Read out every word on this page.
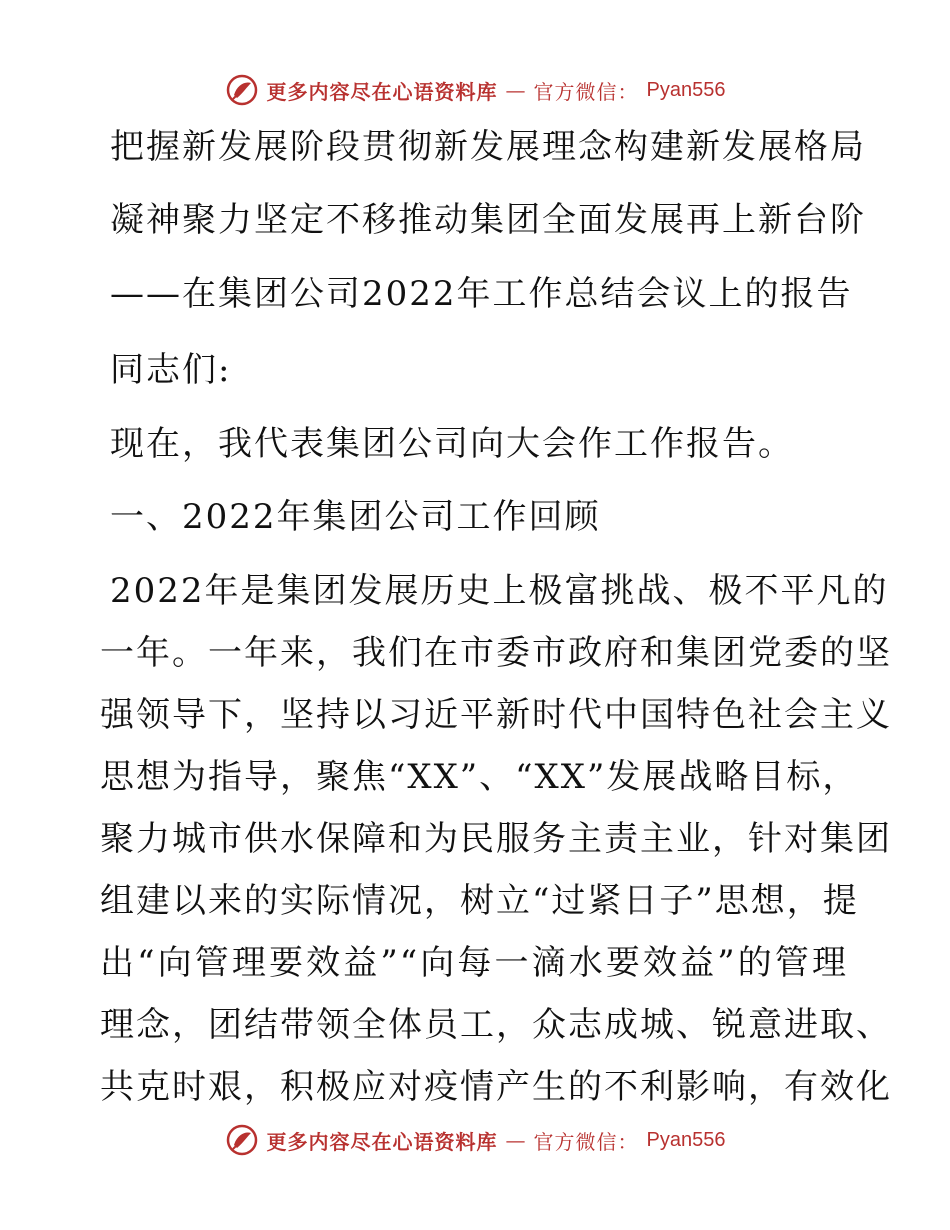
更多内容尽在心语资料库 — 官方微信： Pyan556
把握新发展阶段贯彻新发展理念构建新发展格局
凝神聚力坚定不移推动集团全面发展再上新台阶
——在集团公司2022年工作总结会议上的报告
同志们:
现在，我代表集团公司向大会作工作报告。
一、2022年集团公司工作回顾
2022年是集团发展历史上极富挑战、极不平凡的
一年。一年来，我们在市委市政府和集团党委的坚
强领导下，坚持以习近平新时代中国特色社会主义
思想为指导，聚焦“XX”、“XX”发展战略目标，
聚力城市供水保障和为民服务主责主业，针对集团
组建以来的实际情况，树立“过紧日子”思想，提
出“向管理要效益”“向每一滴水要效益”的管理
理念，团结带领全体员工，众志成城、锐意进取、
共克时艰，积极应对疫情产生的不利影响，有效化
更多内容尽在心语资料库 — 官方微信： Pyan556
